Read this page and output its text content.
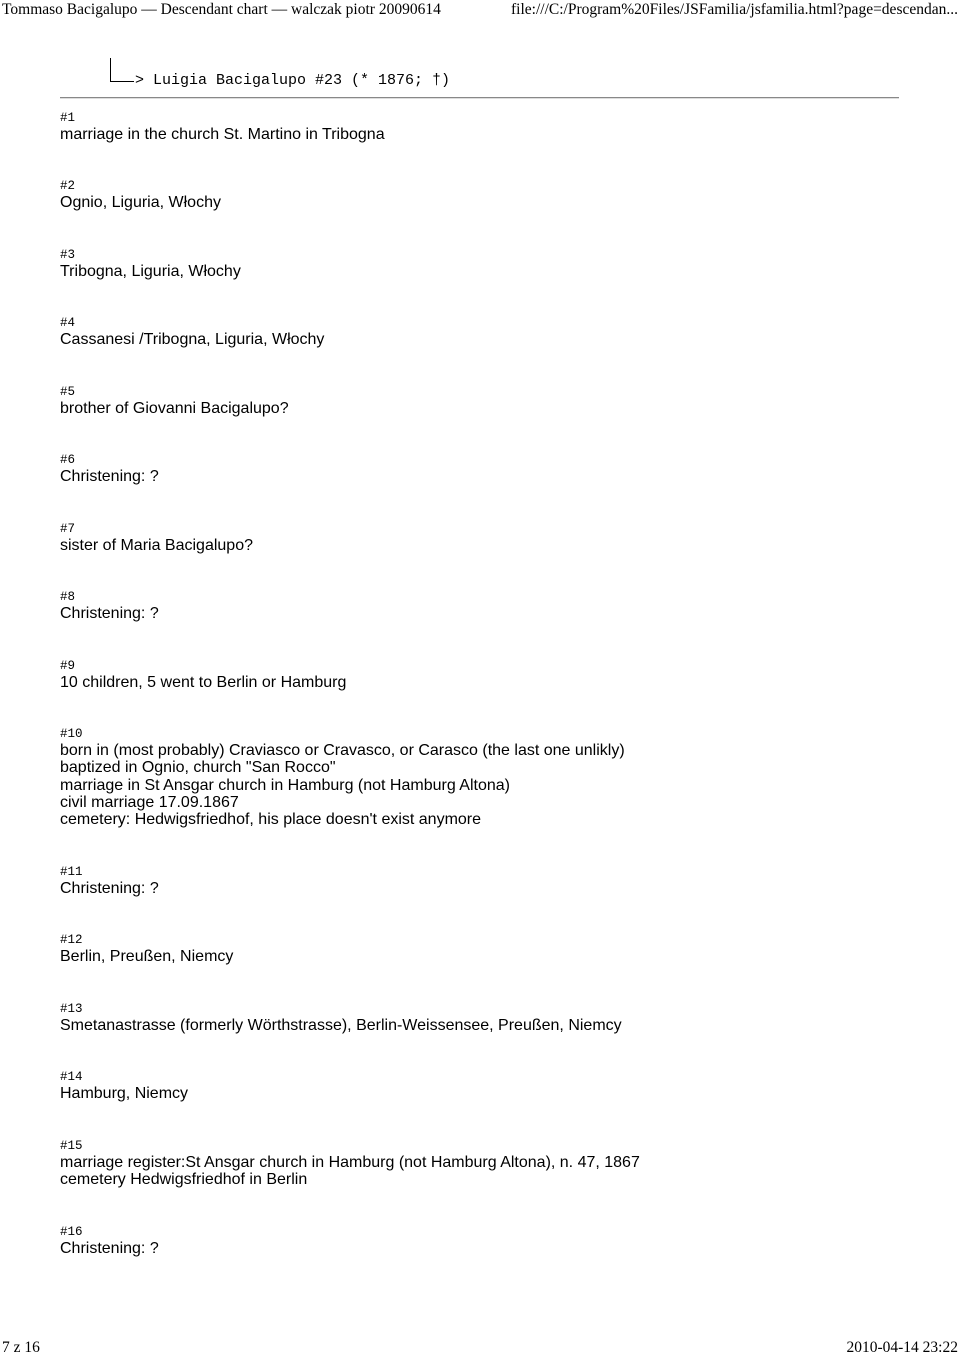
Tommaso Bacigalupo — Descendant chart — walczak piotr 20090614	file:///C:/Program%20Files/JSFamilia/jsfamilia.html?page=descendan...
> Luigia Bacigalupo #23 (* 1876; †)
#1
marriage in the church St. Martino in Tribogna
#2
Ognio, Liguria, Włochy
#3
Tribogna, Liguria, Włochy
#4
Cassanesi /Tribogna, Liguria, Włochy
#5
brother of Giovanni Bacigalupo?
#6
Christening: ?
#7
sister of Maria Bacigalupo?
#8
Christening: ?
#9
10 children, 5 went to Berlin or Hamburg
#10
born in (most probably) Craviasco or Cravasco, or Carasco (the last one unlikly)
baptized in Ognio, church "San Rocco"
marriage in St Ansgar church in Hamburg (not Hamburg Altona)
civil marriage 17.09.1867
cemetery: Hedwigsfriedhof, his place doesn't exist anymore
#11
Christening: ?
#12
Berlin, Preußen, Niemcy
#13
Smetanastrasse (formerly Wörthstrasse), Berlin-Weissensee, Preußen, Niemcy
#14
Hamburg, Niemcy
#15
marriage register:St Ansgar church in Hamburg (not Hamburg Altona), n. 47, 1867
cemetery Hedwigsfriedhof in Berlin
#16
Christening: ?
7 z 16	2010-04-14 23:22
